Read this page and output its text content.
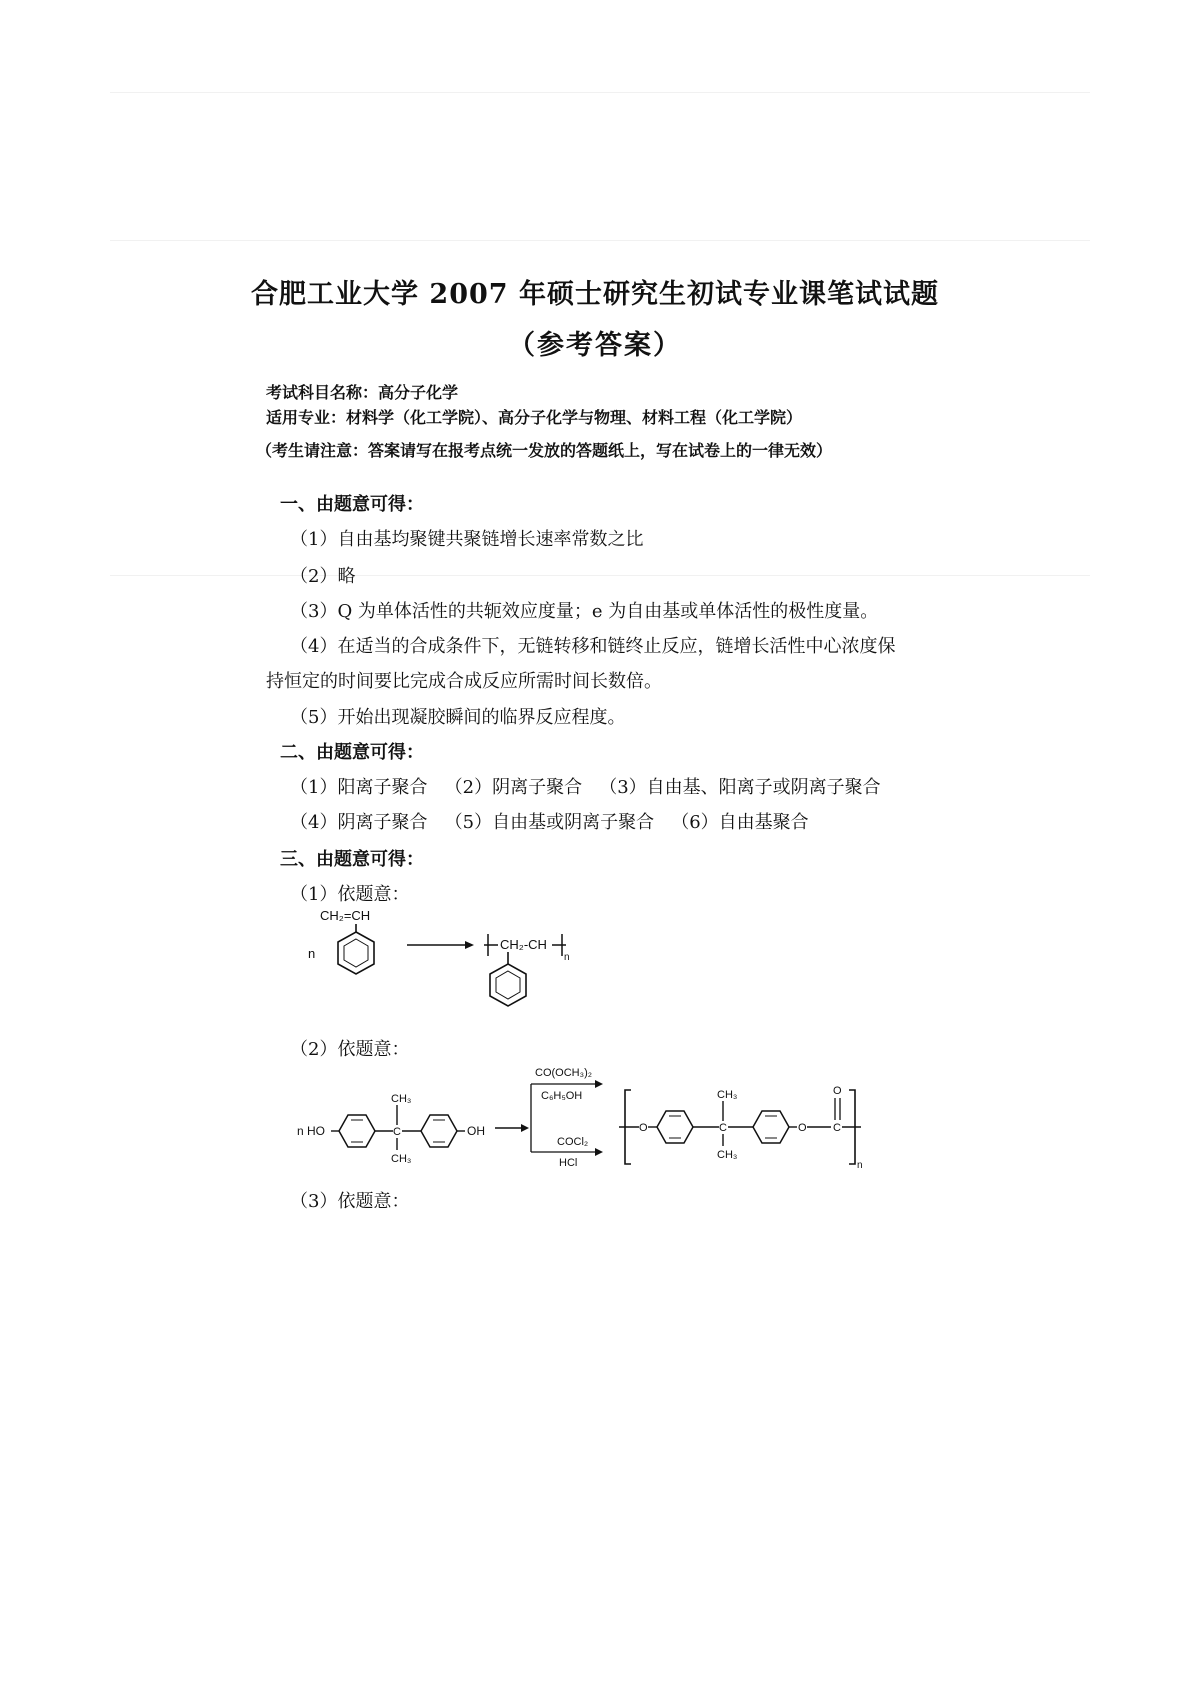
合肥工业大学 2007 年硕士研究生初试专业课笔试试题
（参考答案）
考试科目名称：高分子化学
适用专业：材料学（化工学院）、高分子化学与物理、材料工程（化工学院）
（考生请注意：答案请写在报考点统一发放的答题纸上，写在试卷上的一律无效）
一、由题意可得：
（1）自由基均聚键共聚链增长速率常数之比
（2）略
（3）Q 为单体活性的共轭效应度量；e 为自由基或单体活性的极性度量。
（4）在适当的合成条件下，无链转移和链终止反应，链增长活性中心浓度保
持恒定的时间要比完成合成反应所需时间长数倍。
（5）开始出现凝胶瞬间的临界反应程度。
二、由题意可得：
（1）阳离子聚合   （2）阴离子聚合   （3）自由基、阳离子或阴离子聚合
（4）阴离子聚合   （5）自由基或阴离子聚合   （6）自由基聚合
三、由题意可得：
（1）依题意：
CH₂=CH
n
CH₂-CH
n
（2）依题意：
n HO
CH₃
C
CH₃
OH
CO(OCH₃)₂
C₆H₅OH
COCl₂
HCl
O
CH₃
C
CH₃
O C
O
n
（3）依题意：
